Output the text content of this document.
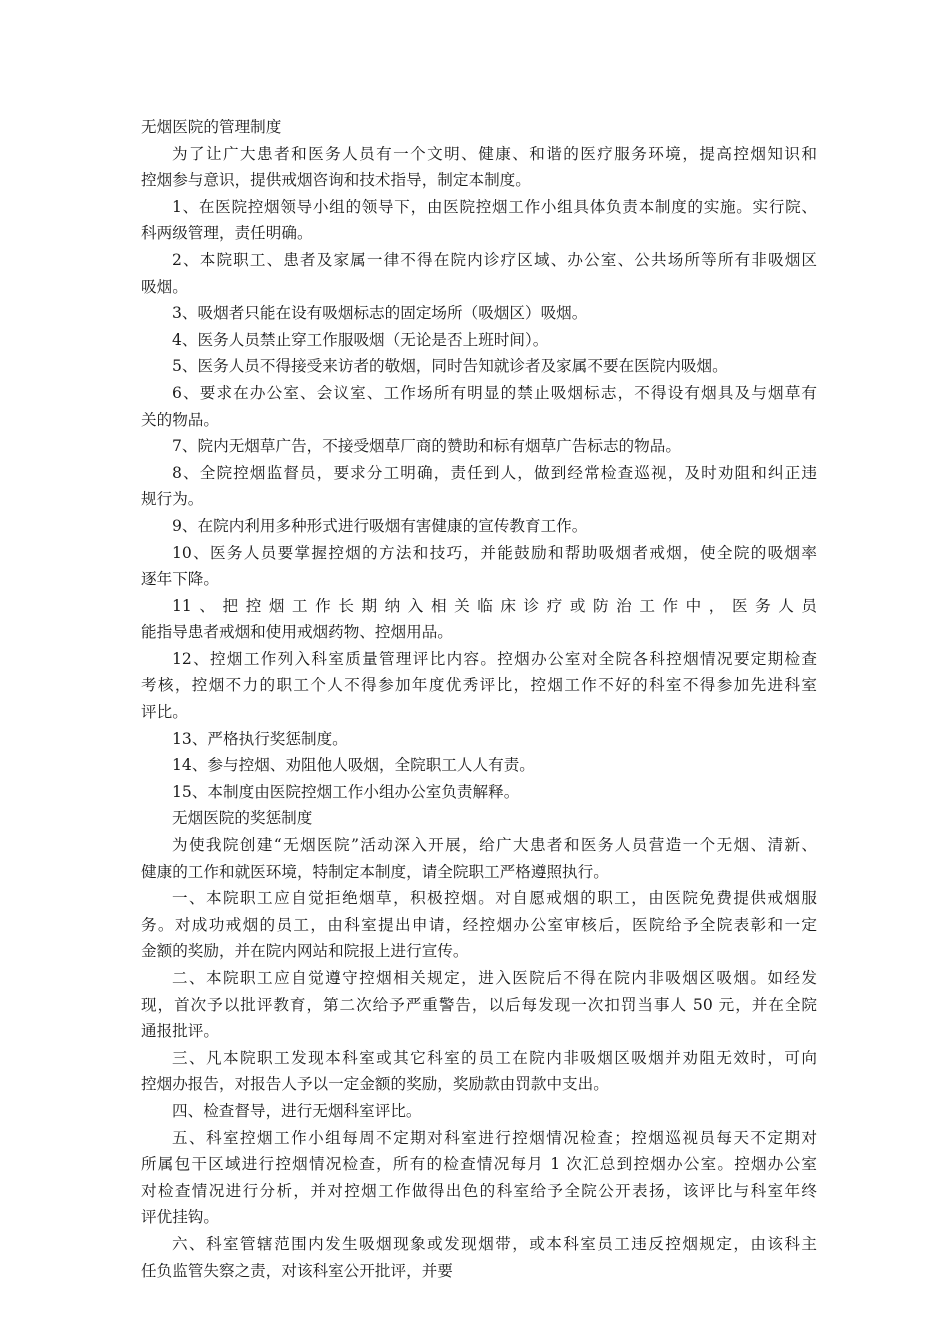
无烟医院的管理制度
为了让广大患者和医务人员有一个文明、健康、和谐的医疗服务环境，提高控烟知识和
控烟参与意识，提供戒烟咨询和技术指导，制定本制度。
1、在医院控烟领导小组的领导下，由医院控烟工作小组具体负责本制度的实施。实行院、
科两级管理，责任明确。
2、本院职工、患者及家属一律不得在院内诊疗区域、办公室、公共场所等所有非吸烟区
吸烟。
3、吸烟者只能在设有吸烟标志的固定场所（吸烟区）吸烟。
4、医务人员禁止穿工作服吸烟（无论是否上班时间）。
5、医务人员不得接受来访者的敬烟，同时告知就诊者及家属不要在医院内吸烟。
6、要求在办公室、会议室、工作场所有明显的禁止吸烟标志，不得设有烟具及与烟草有
关的物品。
7、院内无烟草广告，不接受烟草厂商的赞助和标有烟草广告标志的物品。
8、全院控烟监督员，要求分工明确，责任到人，做到经常检查巡视，及时劝阻和纠正违
规行为。
9、在院内利用多种形式进行吸烟有害健康的宣传教育工作。
10、医务人员要掌握控烟的方法和技巧，并能鼓励和帮助吸烟者戒烟，使全院的吸烟率
逐年下降。
11、把控烟工作长期纳入相关临床诊疗或防治工作中，医务人员
能指导患者戒烟和使用戒烟药物、控烟用品。
12、控烟工作列入科室质量管理评比内容。控烟办公室对全院各科控烟情况要定期检查
考核，控烟不力的职工个人不得参加年度优秀评比，控烟工作不好的科室不得参加先进科室
评比。
13、严格执行奖惩制度。
14、参与控烟、劝阻他人吸烟，全院职工人人有责。
15、本制度由医院控烟工作小组办公室负责解释。
无烟医院的奖惩制度
为使我院创建“无烟医院”活动深入开展，给广大患者和医务人员营造一个无烟、清新、
健康的工作和就医环境，特制定本制度，请全院职工严格遵照执行。
一、本院职工应自觉拒绝烟草，积极控烟。对自愿戒烟的职工，由医院免费提供戒烟服
务。对成功戒烟的员工，由科室提出申请，经控烟办公室审核后，医院给予全院表彰和一定
金额的奖励，并在院内网站和院报上进行宣传。
二、本院职工应自觉遵守控烟相关规定，进入医院后不得在院内非吸烟区吸烟。如经发
现，首次予以批评教育，第二次给予严重警告，以后每发现一次扣罚当事人 50 元，并在全院
通报批评。
三、凡本院职工发现本科室或其它科室的员工在院内非吸烟区吸烟并劝阻无效时，可向
控烟办报告，对报告人予以一定金额的奖励，奖励款由罚款中支出。
四、检查督导，进行无烟科室评比。
五、科室控烟工作小组每周不定期对科室进行控烟情况检查；控烟巡视员每天不定期对
所属包干区域进行控烟情况检查，所有的检查情况每月 1 次汇总到控烟办公室。控烟办公室
对检查情况进行分析，并对控烟工作做得出色的科室给予全院公开表扬，该评比与科室年终
评优挂钩。
六、科室管辖范围内发生吸烟现象或发现烟带，或本科室员工违反控烟规定，由该科主
任负监管失察之责，对该科室公开批评，并要
